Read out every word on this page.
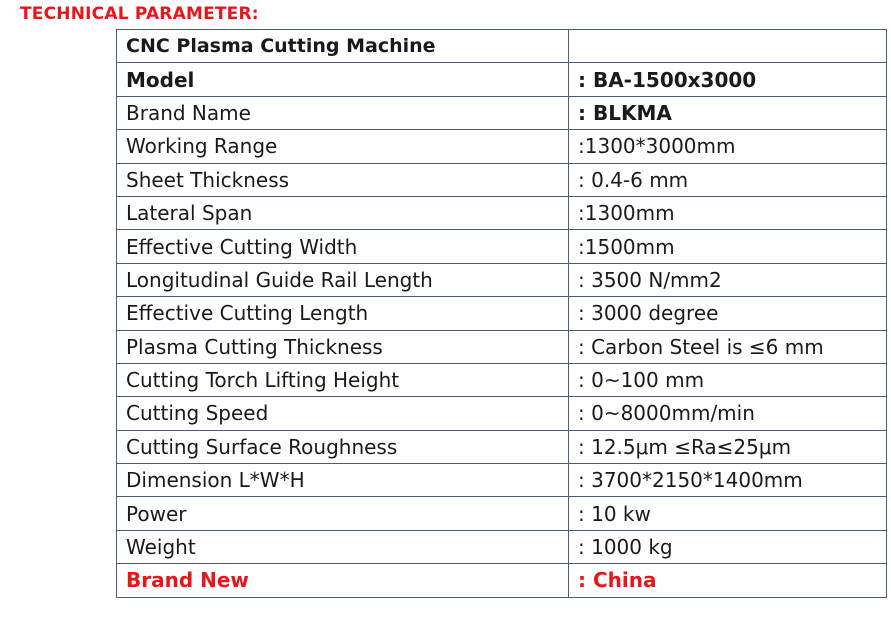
TECHNICAL PARAMETER:
CNC Plasma Cutting Machine	
Model	: BA-1500x3000
Brand Name	: BLKMA
Working Range	:1300*3000mm
Sheet Thickness	: 0.4-6 mm
Lateral Span	:1300mm
Effective Cutting Width	:1500mm
Longitudinal Guide Rail Length	: 3500 N/mm2
Effective Cutting Length	: 3000 degree
Plasma Cutting Thickness	: Carbon Steel is ≤6 mm
Cutting Torch Lifting Height	: 0~100 mm
Cutting Speed	: 0~8000mm/min
Cutting Surface Roughness	: 12.5μm ≤Ra≤25μm
Dimension L*W*H	: 3700*2150*1400mm
Power	: 10 kw
Weight	: 1000 kg
Brand New	: China
